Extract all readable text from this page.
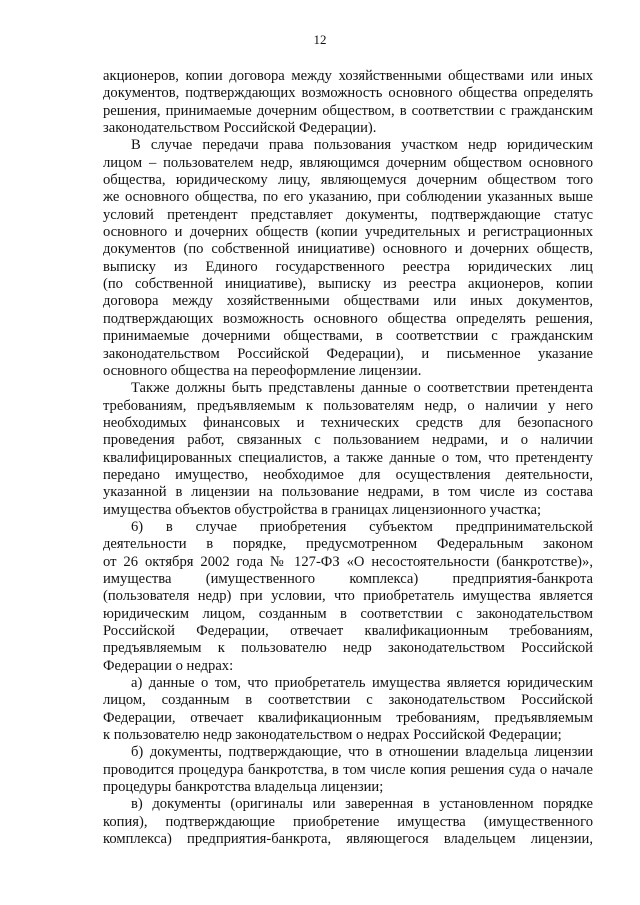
12
акционеров, копии договора между хозяйственными обществами или иных
документов, подтверждающих возможность основного общества определять
решения, принимаемые дочерним обществом, в соответствии с гражданским
законодательством Российской Федерации).
В случае передачи права пользования участком недр юридическим
лицом – пользователем недр, являющимся дочерним обществом основного
общества, юридическому лицу, являющемуся дочерним обществом того
же основного общества, по его указанию, при соблюдении указанных выше
условий претендент представляет документы, подтверждающие статус
основного и дочерних обществ (копии учредительных и регистрационных
документов (по собственной инициативе) основного и дочерних обществ,
выписку из Единого государственного реестра юридических лиц
(по собственной инициативе), выписку из реестра акционеров, копии
договора между хозяйственными обществами или иных документов,
подтверждающих возможность основного общества определять решения,
принимаемые дочерними обществами, в соответствии с гражданским
законодательством Российской Федерации), и письменное указание
основного общества на переоформление лицензии.
Также должны быть представлены данные о соответствии претендента
требованиям, предъявляемым к пользователям недр, о наличии у него
необходимых финансовых и технических средств для безопасного
проведения работ, связанных с пользованием недрами, и о наличии
квалифицированных специалистов, а также данные о том, что претенденту
передано имущество, необходимое для осуществления деятельности,
указанной в лицензии на пользование недрами, в том числе из состава
имущества объектов обустройства в границах лицензионного участка;
6) в случае приобретения субъектом предпринимательской
деятельности в порядке, предусмотренном Федеральным законом
от 26 октября 2002 года № 127-ФЗ «О несостоятельности (банкротстве)»,
имущества (имущественного комплекса) предприятия-банкрота
(пользователя недр) при условии, что приобретатель имущества является
юридическим лицом, созданным в соответствии с законодательством
Российской Федерации, отвечает квалификационным требованиям,
предъявляемым к пользователю недр законодательством Российской
Федерации о недрах:
а) данные о том, что приобретатель имущества является юридическим
лицом, созданным в соответствии с законодательством Российской
Федерации, отвечает квалификационным требованиям, предъявляемым
к пользователю недр законодательством о недрах Российской Федерации;
б) документы, подтверждающие, что в отношении владельца лицензии
проводится процедура банкротства, в том числе копия решения суда о начале
процедуры банкротства владельца лицензии;
в) документы (оригиналы или заверенная в установленном порядке
копия), подтверждающие приобретение имущества (имущественного
комплекса) предприятия-банкрота, являющегося владельцем лицензии,
